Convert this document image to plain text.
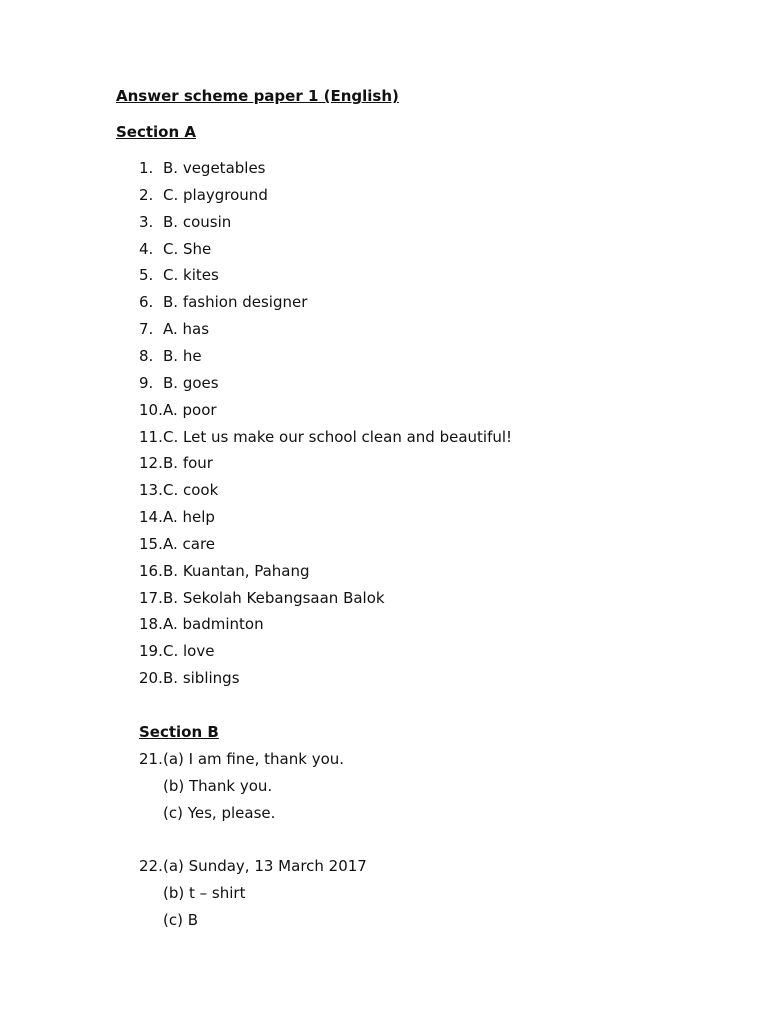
Answer scheme paper 1 (English)
Section A
1. B. vegetables
2. C. playground
3. B. cousin
4. C. She
5. C. kites
6. B. fashion designer
7. A. has
8. B. he
9. B. goes
10. A. poor
11. C. Let us make our school clean and beautiful!
12. B. four
13. C. cook
14. A. help
15. A. care
16. B. Kuantan, Pahang
17. B. Sekolah Kebangsaan Balok
18. A. badminton
19. C. love
20. B. siblings
Section B
21. (a) I am fine, thank you.
(b) Thank you.
(c) Yes, please.
22. (a) Sunday, 13 March 2017
(b) t – shirt
(c) B
